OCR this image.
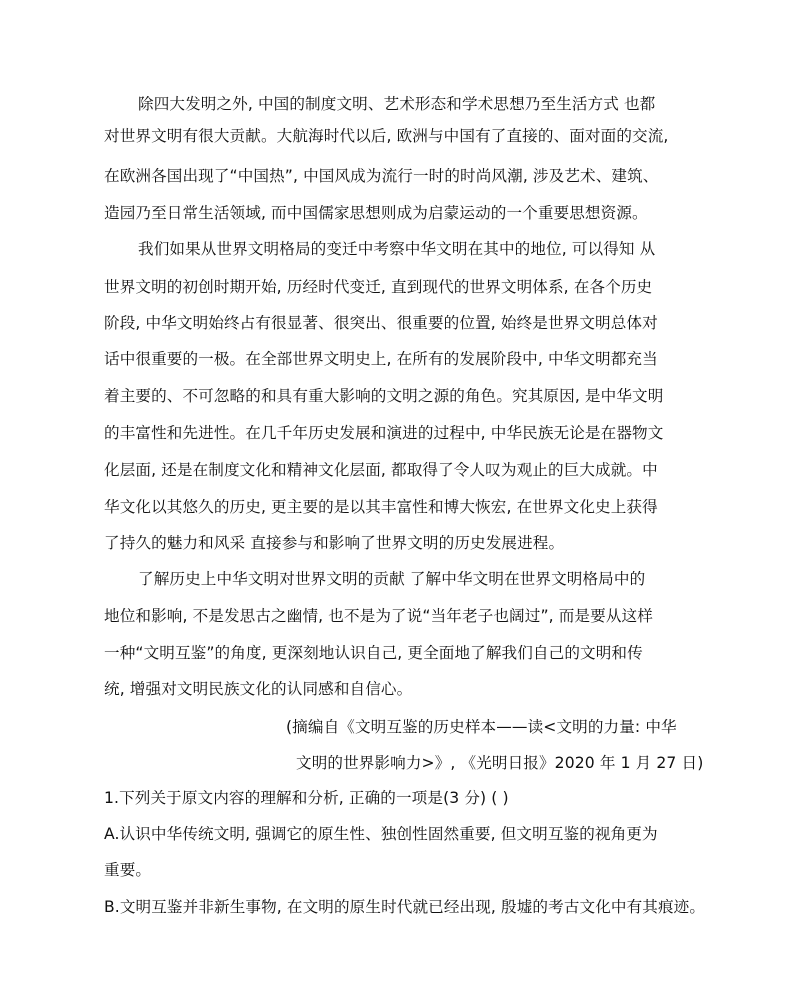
除四大发明之外, 中国的制度文明、艺术形态和学术思想乃至生活方式 也都
对世界文明有很大贡献。大航海时代以后, 欧洲与中国有了直接的、面对面的交流,
在欧洲各国出现了“中国热”, 中国风成为流行一时的时尚风潮, 涉及艺术、建筑、
造园乃至日常生活领域, 而中国儒家思想则成为启蒙运动的一个重要思想资源。
我们如果从世界文明格局的变迁中考察中华文明在其中的地位, 可以得知 从
世界文明的初创时期开始, 历经时代变迁, 直到现代的世界文明体系, 在各个历史
阶段, 中华文明始终占有很显著、很突出、很重要的位置, 始终是世界文明总体对
话中很重要的一极。在全部世界文明史上, 在所有的发展阶段中, 中华文明都充当
着主要的、不可忽略的和具有重大影响的文明之源的角色。究其原因, 是中华文明
的丰富性和先进性。在几千年历史发展和演进的过程中, 中华民族无论是在器物文
化层面, 还是在制度文化和精神文化层面, 都取得了令人叹为观止的巨大成就。中
华文化以其悠久的历史, 更主要的是以其丰富性和博大恢宏, 在世界文化史上获得
了持久的魅力和风采 直接参与和影响了世界文明的历史发展进程。
了解历史上中华文明对世界文明的贡献 了解中华文明在世界文明格局中的
地位和影响, 不是发思古之幽情, 也不是为了说“当年老子也阔过”, 而是要从这样
一种“文明互鉴”的角度, 更深刻地认识自己, 更全面地了解我们自己的文明和传
统, 增强对文明民族文化的认同感和自信心。
(摘编自《文明互鉴的历史样本——读<文明的力量: 中华
文明的世界影响力>》, 《光明日报》2020 年 1 月 27 日)
1.下列关于原文内容的理解和分析, 正确的一项是(3 分) ( )
A.认识中华传统文明, 强调它的原生性、独创性固然重要, 但文明互鉴的视角更为
重要。
B.文明互鉴并非新生事物, 在文明的原生时代就已经出现, 殷墟的考古文化中有其痕迹。
